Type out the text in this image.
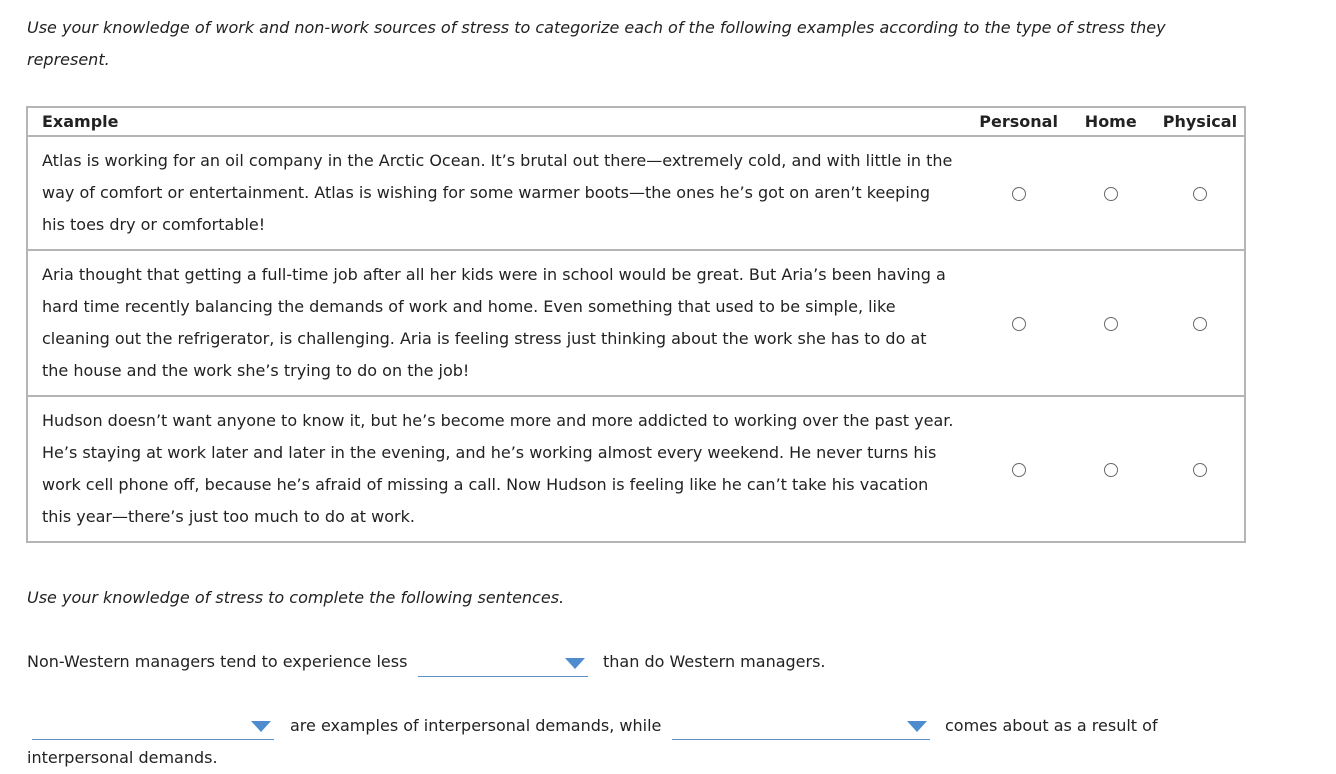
Use your knowledge of work and non-work sources of stress to categorize each of the following examples according to the type of stress they represent.

Example	Personal	Home	Physical
Atlas is working for an oil company in the Arctic Ocean. It’s brutal out there—extremely cold, and with little in the way of comfort or entertainment. Atlas is wishing for some warmer boots—the ones he’s got on aren’t keeping his toes dry or comfortable!			
Aria thought that getting a full-time job after all her kids were in school would be great. But Aria’s been having a hard time recently balancing the demands of work and home. Even something that used to be simple, like cleaning out the refrigerator, is challenging. Aria is feeling stress just thinking about the work she has to do at the house and the work she’s trying to do on the job!			
Hudson doesn’t want anyone to know it, but he’s become more and more addicted to working over the past year. He’s staying at work later and later in the evening, and he’s working almost every weekend. He never turns his work cell phone off, because he’s afraid of missing a call. Now Hudson is feeling like he can’t take his vacation this year—there’s just too much to do at work.			

Use your knowledge of stress to complete the following sentences.

Non-Western managers tend to experience less	than do Western managers.
are examples of interpersonal demands, while	comes about as a result of
interpersonal demands.
